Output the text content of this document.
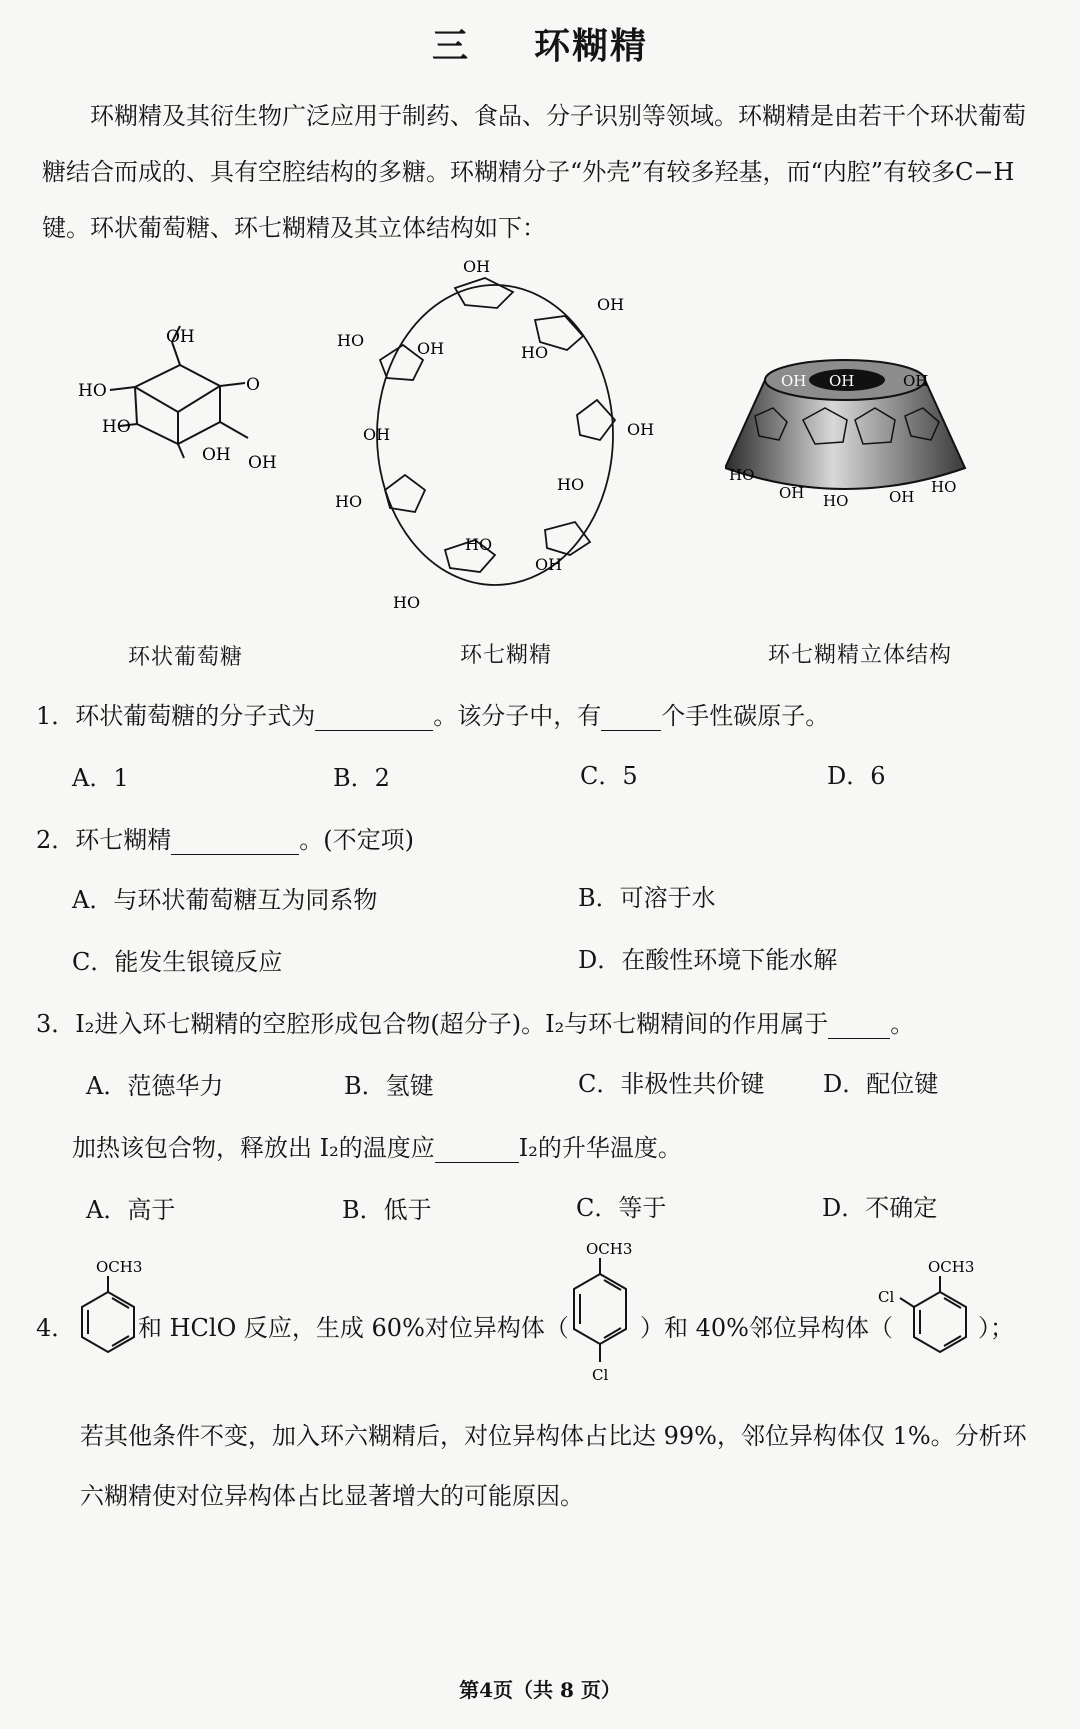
三 环糊精
环糊精及其衍生物广泛应用于制药、食品、分子识别等领域。环糊精是由若干个环状葡萄糖结合而成的、具有空腔结构的多糖。环糊精分子“外壳”有较多羟基，而“内腔”有较多C−H键。环状葡萄糖、环七糊精及其立体结构如下：
OH
O
HO
HO
OH OH
环状葡萄糖
OH
OH
HO	OH
OH
OH
HO
HO
OH
HO
HO
HO
环七糊精
OH OH	OH
HO
OH HO	OH
HO
环七糊精立体结构
1．环状葡萄糖的分子式为	。该分子中，有	个手性碳原子。
A．1	B．2	C．5	D．6
2．环七糊精	。(不定项)
A．与环状葡萄糖互为同系物	B．可溶于水
C．能发生银镜反应	D．在酸性环境下能水解
3．I₂进入环七糊精的空腔形成包合物(超分子)。I₂与环七糊精间的作用属于	。
A．范德华力	B．氢键	C．非极性共价键 D．配位键
加热该包合物，释放出 I₂的温度应	I₂的升华温度。
A．高于	B．低于	C．等于	D．不确定
4．
OCH3
和 HClO 反应，生成 60%对位异构体（
OCH3
Cl
）和 40%邻位异构体（
OCH3
Cl
）；
若其他条件不变，加入环六糊精后，对位异构体占比达 99%，邻位异构体仅 1%。分析环六糊精使对位异构体占比显著增大的可能原因。
第4页（共 8 页）
